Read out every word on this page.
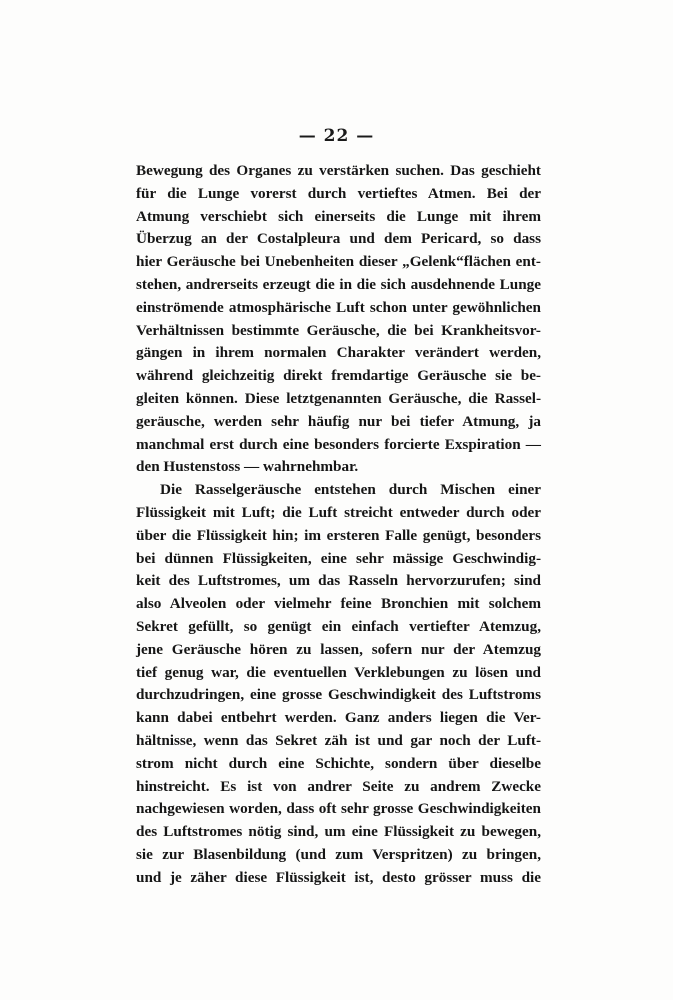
— 22 —
Bewegung des Organes zu verstärken suchen. Das geschieht
für die Lunge vorerst durch vertieftes Atmen. Bei der
Atmung verschiebt sich einerseits die Lunge mit ihrem
Überzug an der Costalpleura und dem Pericard, so dass
hier Geräusche bei Unebenheiten dieser „Gelenk“flächen ent-
stehen, andrerseits erzeugt die in die sich ausdehnende Lunge
einströmende atmosphärische Luft schon unter gewöhnlichen
Verhältnissen bestimmte Geräusche, die bei Krankheitsvor-
gängen in ihrem normalen Charakter verändert werden,
während gleichzeitig direkt fremdartige Geräusche sie be-
gleiten können. Diese letztgenannten Geräusche, die Rassel-
geräusche, werden sehr häufig nur bei tiefer Atmung, ja
manchmal erst durch eine besonders forcierte Exspiration —
den Hustenstoss — wahrnehmbar.
Die Rasselgeräusche entstehen durch Mischen einer
Flüssigkeit mit Luft; die Luft streicht entweder durch oder
über die Flüssigkeit hin; im ersteren Falle genügt, besonders
bei dünnen Flüssigkeiten, eine sehr mässige Geschwindig-
keit des Luftstromes, um das Rasseln hervorzurufen; sind
also Alveolen oder vielmehr feine Bronchien mit solchem
Sekret gefüllt, so genügt ein einfach vertiefter Atemzug,
jene Geräusche hören zu lassen, sofern nur der Atemzug
tief genug war, die eventuellen Verklebungen zu lösen und
durchzudringen, eine grosse Geschwindigkeit des Luftstroms
kann dabei entbehrt werden. Ganz anders liegen die Ver-
hältnisse, wenn das Sekret zäh ist und gar noch der Luft-
strom nicht durch eine Schichte, sondern über dieselbe
hinstreicht. Es ist von andrer Seite zu andrem Zwecke
nachgewiesen worden, dass oft sehr grosse Geschwindigkeiten
des Luftstromes nötig sind, um eine Flüssigkeit zu bewegen,
sie zur Blasenbildung (und zum Verspritzen) zu bringen,
und je zäher diese Flüssigkeit ist, desto grösser muss die
